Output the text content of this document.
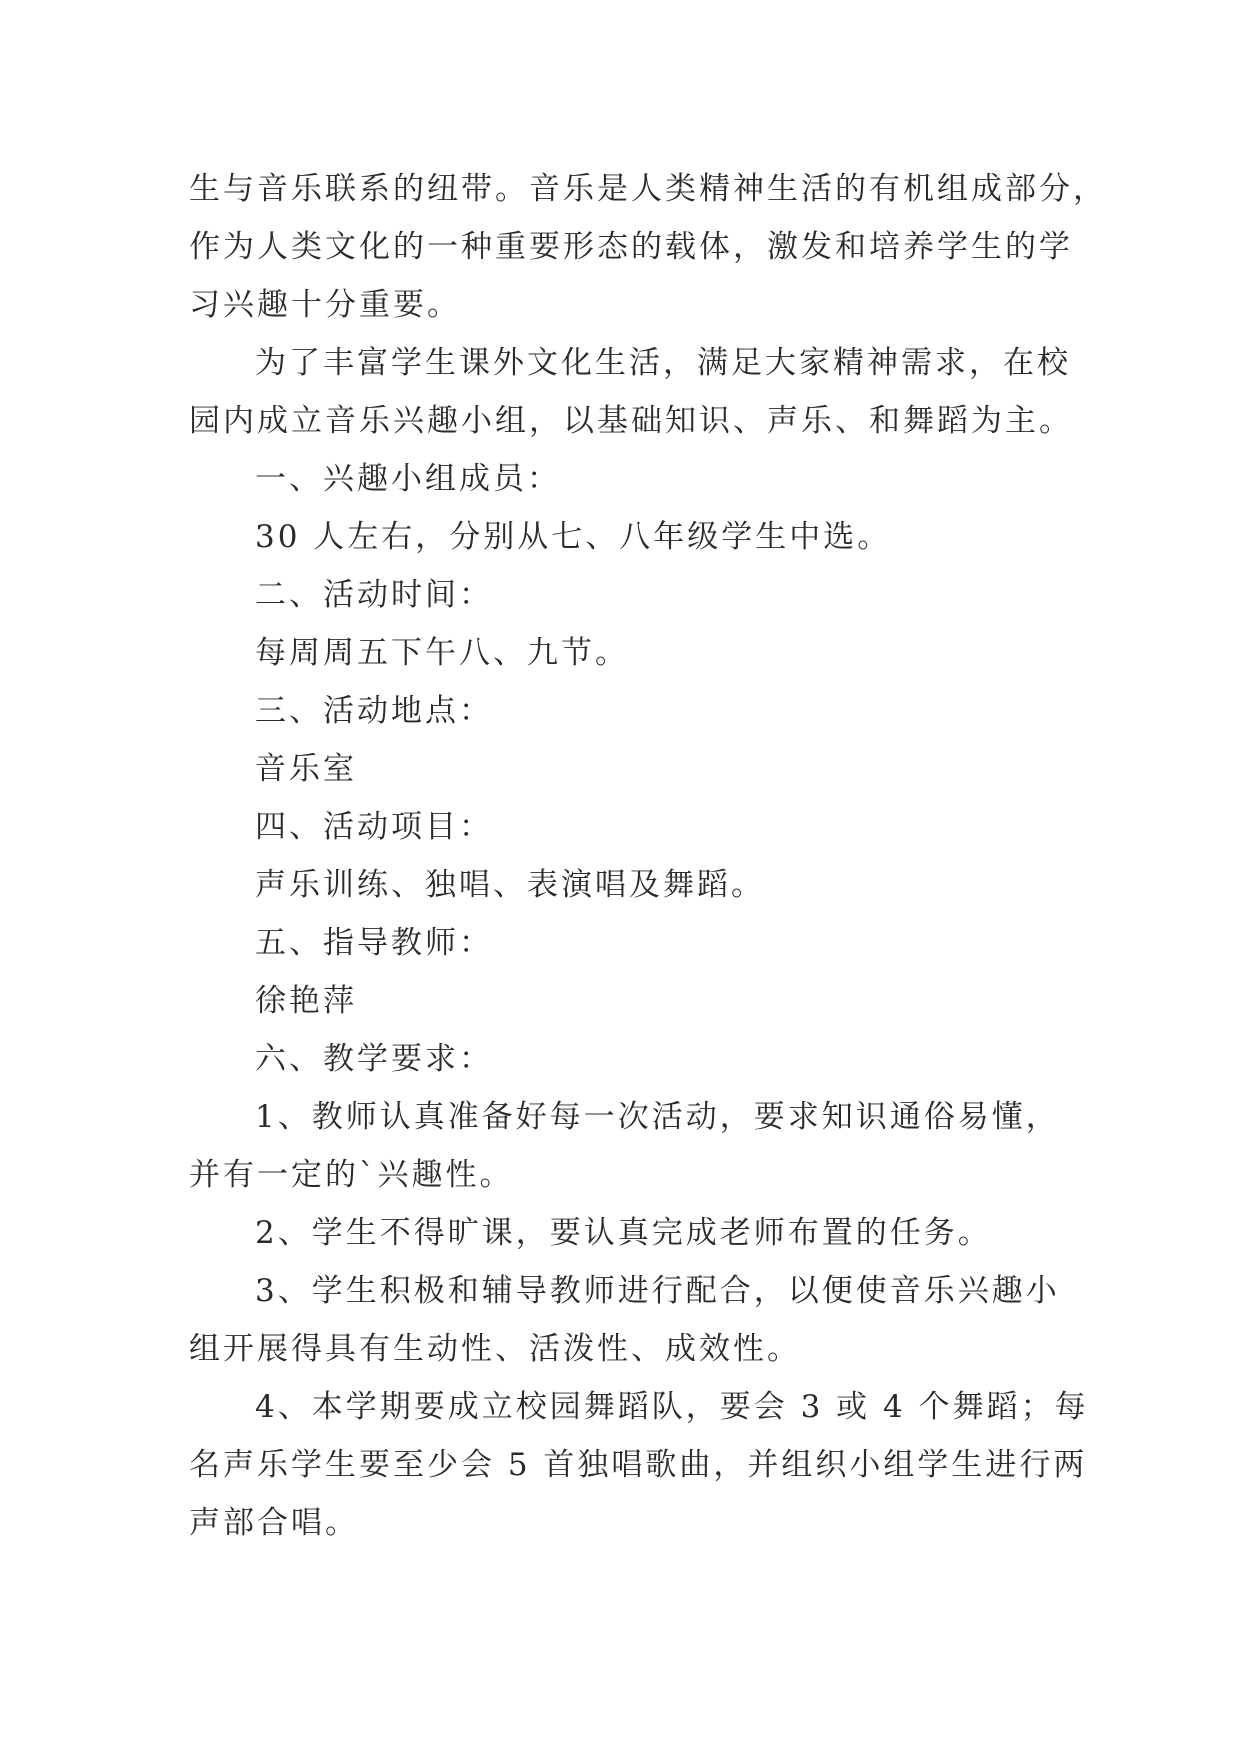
生与音乐联系的纽带。音乐是人类精神生活的有机组成部分，
作为人类文化的一种重要形态的载体，激发和培养学生的学
习兴趣十分重要。
为了丰富学生课外文化生活，满足大家精神需求，在校
园内成立音乐兴趣小组，以基础知识、声乐、和舞蹈为主。
一、兴趣小组成员：
30 人左右，分别从七、八年级学生中选。
二、活动时间：
每周周五下午八、九节。
三、活动地点：
音乐室
四、活动项目：
声乐训练、独唱、表演唱及舞蹈。
五、指导教师：
徐艳萍
六、教学要求：
1、教师认真准备好每一次活动，要求知识通俗易懂，
并有一定的`兴趣性。
2、学生不得旷课，要认真完成老师布置的任务。
3、学生积极和辅导教师进行配合，以便使音乐兴趣小
组开展得具有生动性、活泼性、成效性。
4、本学期要成立校园舞蹈队，要会 3 或 4 个舞蹈；每
名声乐学生要至少会 5 首独唱歌曲，并组织小组学生进行两
声部合唱。
